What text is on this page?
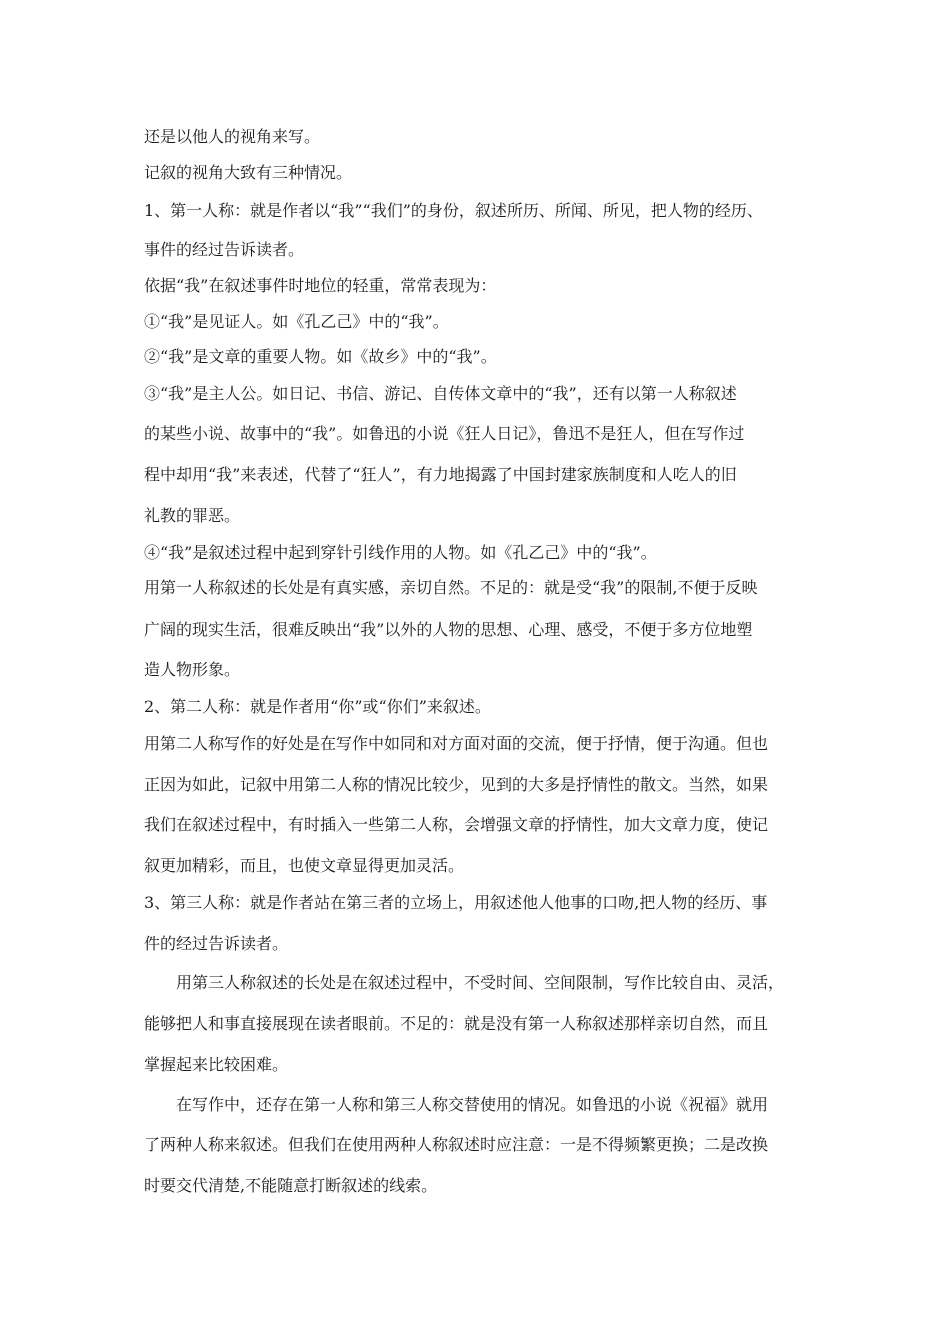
还是以他人的视角来写。

记叙的视角大致有三种情况。

1、第一人称：就是作者以“我”“我们”的身份，叙述所历、所闻、所见，把人物的经历、

事件的经过告诉读者。

依据“我”在叙述事件时地位的轻重，常常表现为：

①“我”是见证人。如《孔乙己》中的“我”。

②“我”是文章的重要人物。如《故乡》中的“我”。

③“我”是主人公。如日记、书信、游记、自传体文章中的“我”，还有以第一人称叙述

的某些小说、故事中的“我”。如鲁迅的小说《狂人日记》，鲁迅不是狂人，但在写作过

程中却用“我”来表述，代替了“狂人”，有力地揭露了中国封建家族制度和人吃人的旧

礼教的罪恶。

④“我”是叙述过程中起到穿针引线作用的人物。如《孔乙己》中的“我”。

用第一人称叙述的长处是有真实感，亲切自然。不足的：就是受“我”的限制,不便于反映

广阔的现实生活，很难反映出“我”以外的人物的思想、心理、感受，不便于多方位地塑

造人物形象。

2、第二人称：就是作者用“你”或“你们”来叙述。

用第二人称写作的好处是在写作中如同和对方面对面的交流，便于抒情，便于沟通。但也

正因为如此，记叙中用第二人称的情况比较少，见到的大多是抒情性的散文。当然，如果

我们在叙述过程中，有时插入一些第二人称，会增强文章的抒情性，加大文章力度，使记

叙更加精彩，而且，也使文章显得更加灵活。

3、第三人称：就是作者站在第三者的立场上，用叙述他人他事的口吻,把人物的经历、事

件的经过告诉读者。

用第三人称叙述的长处是在叙述过程中，不受时间、空间限制，写作比较自由、灵活，

能够把人和事直接展现在读者眼前。不足的：就是没有第一人称叙述那样亲切自然，而且

掌握起来比较困难。

在写作中，还存在第一人称和第三人称交替使用的情况。如鲁迅的小说《祝福》就用

了两种人称来叙述。但我们在使用两种人称叙述时应注意：一是不得频繁更换；二是改换

时要交代清楚,不能随意打断叙述的线索。
